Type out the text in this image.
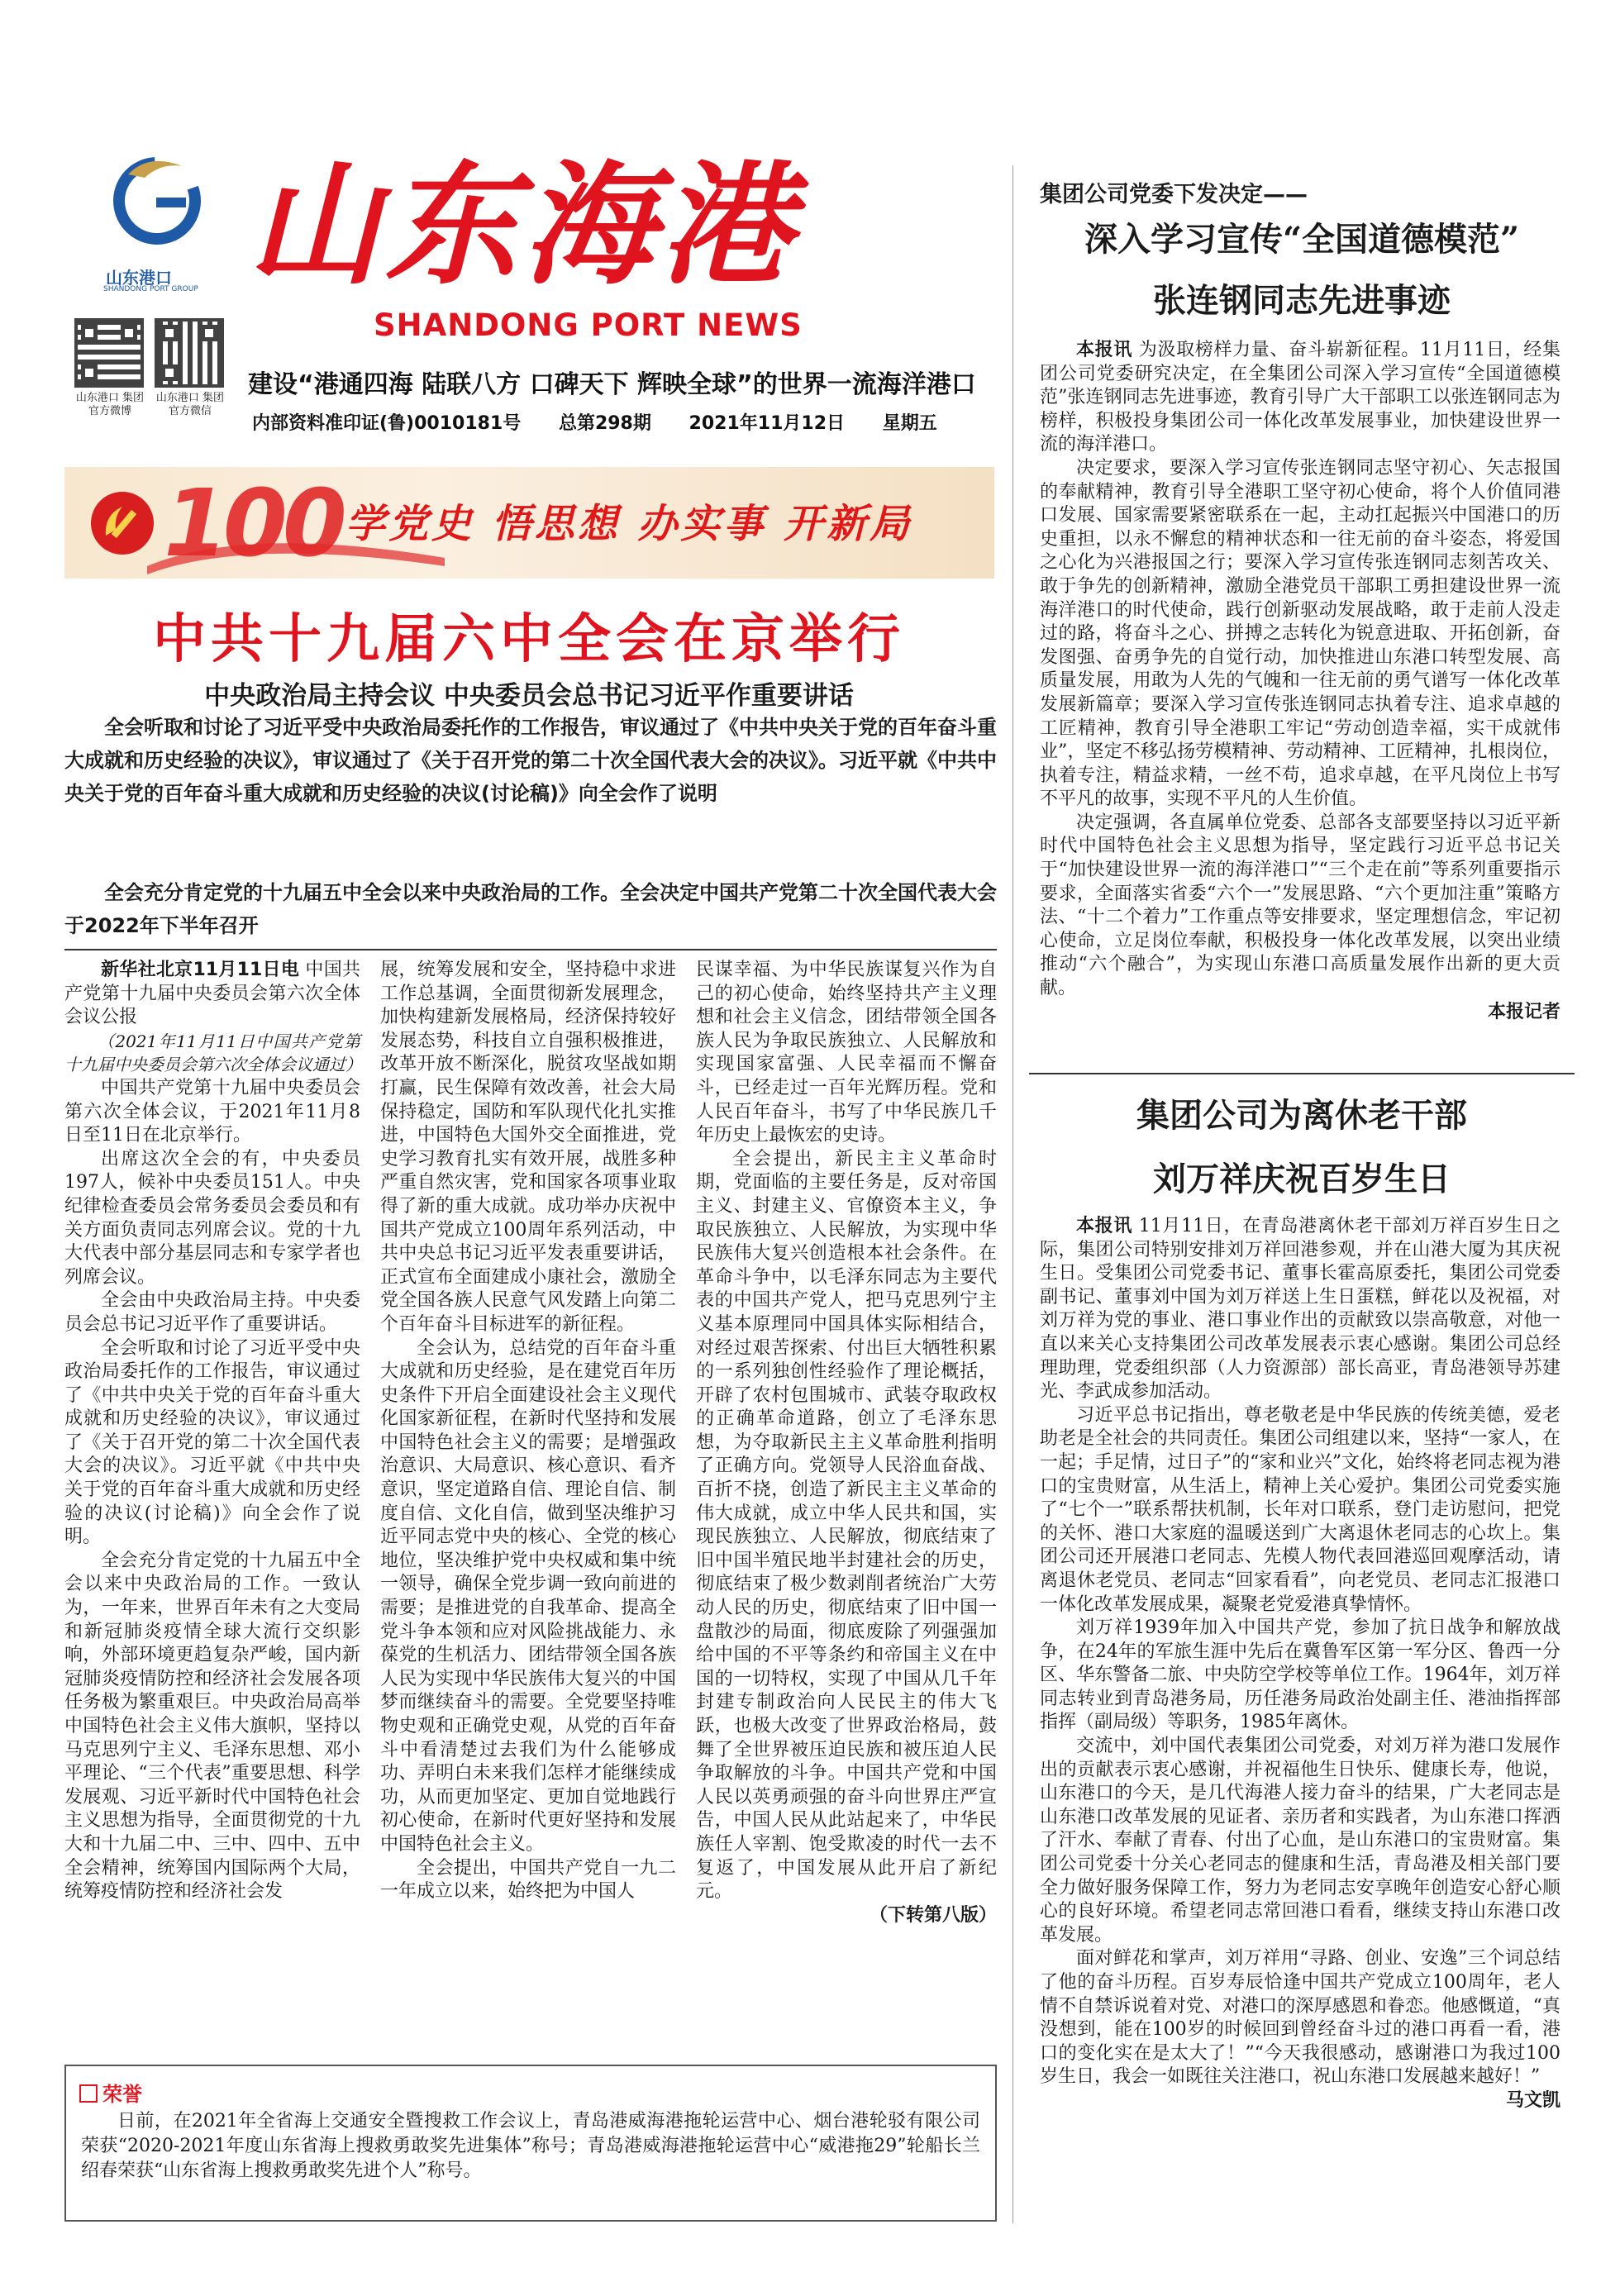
山东港口
SHANDONG PORT GROUP
山东港口 集团官方微博
山东港口 集团官方微信
山东海港
SHANDONG PORT NEWS
建设“港通四海 陆联八方 口碑天下 辉映全球”的世界一流海洋港口
内部资料准印证(鲁)0010181号 总第298期 2021年11月12日 星期五
100 学党史 悟思想 办实事 开新局
中共十九届六中全会在京举行
中央政治局主持会议 中央委员会总书记习近平作重要讲话

全会听取和讨论了习近平受中央政治局委托作的工作报告，审议通过了《中共中央关于党的百年奋斗重大成就和历史经验的决议》，审议通过了《关于召开党的第二十次全国代表大会的决议》。习近平就《中共中央关于党的百年奋斗重大成就和历史经验的决议(讨论稿)》向全会作了说明

全会充分肯定党的十九届五中全会以来中央政治局的工作。全会决定中国共产党第二十次全国代表大会于2022年下半年召开

新华社北京11月11日电 中国共产党第十九届中央委员会第六次全体会议公报

（2021年11月11日中国共产党第十九届中央委员会第六次全体会议通过）

中国共产党第十九届中央委员会第六次全体会议，于2021年11月8日至11日在北京举行。

出席这次全会的有，中央委员197人，候补中央委员151人。中央纪律检查委员会常务委员会委员和有关方面负责同志列席会议。党的十九大代表中部分基层同志和专家学者也列席会议。

全会由中央政治局主持。中央委员会总书记习近平作了重要讲话。

全会听取和讨论了习近平受中央政治局委托作的工作报告，审议通过了《中共中央关于党的百年奋斗重大成就和历史经验的决议》，审议通过了《关于召开党的第二十次全国代表大会的决议》。习近平就《中共中央关于党的百年奋斗重大成就和历史经验的决议(讨论稿)》向全会作了说明。

全会充分肯定党的十九届五中全会以来中央政治局的工作。一致认为，一年来，世界百年未有之大变局和新冠肺炎疫情全球大流行交织影响，外部环境更趋复杂严峻，国内新冠肺炎疫情防控和经济社会发展各项任务极为繁重艰巨。中央政治局高举中国特色社会主义伟大旗帜，坚持以马克思列宁主义、毛泽东思想、邓小平理论、“三个代表”重要思想、科学发展观、习近平新时代中国特色社会主义思想为指导，全面贯彻党的十九大和十九届二中、三中、四中、五中全会精神，统筹国内国际两个大局，统筹疫情防控和经济社会发

展，统筹发展和安全，坚持稳中求进工作总基调，全面贯彻新发展理念，加快构建新发展格局，经济保持较好发展态势，科技自立自强积极推进，改革开放不断深化，脱贫攻坚战如期打赢，民生保障有效改善，社会大局保持稳定，国防和军队现代化扎实推进，中国特色大国外交全面推进，党史学习教育扎实有效开展，战胜多种严重自然灾害，党和国家各项事业取得了新的重大成就。成功举办庆祝中国共产党成立100周年系列活动，中共中央总书记习近平发表重要讲话，正式宣布全面建成小康社会，激励全党全国各族人民意气风发踏上向第二个百年奋斗目标进军的新征程。

全会认为，总结党的百年奋斗重大成就和历史经验，是在建党百年历史条件下开启全面建设社会主义现代化国家新征程，在新时代坚持和发展中国特色社会主义的需要；是增强政治意识、大局意识、核心意识、看齐意识，坚定道路自信、理论自信、制度自信、文化自信，做到坚决维护习近平同志党中央的核心、全党的核心地位，坚决维护党中央权威和集中统一领导，确保全党步调一致向前进的需要；是推进党的自我革命、提高全党斗争本领和应对风险挑战能力、永葆党的生机活力、团结带领全国各族人民为实现中华民族伟大复兴的中国梦而继续奋斗的需要。全党要坚持唯物史观和正确党史观，从党的百年奋斗中看清楚过去我们为什么能够成功、弄明白未来我们怎样才能继续成功，从而更加坚定、更加自觉地践行初心使命，在新时代更好坚持和发展中国特色社会主义。

全会提出，中国共产党自一九二一年成立以来，始终把为中国人

民谋幸福、为中华民族谋复兴作为自己的初心使命，始终坚持共产主义理想和社会主义信念，团结带领全国各族人民为争取民族独立、人民解放和实现国家富强、人民幸福而不懈奋斗，已经走过一百年光辉历程。党和人民百年奋斗，书写了中华民族几千年历史上最恢宏的史诗。

全会提出，新民主主义革命时期，党面临的主要任务是，反对帝国主义、封建主义、官僚资本主义，争取民族独立、人民解放，为实现中华民族伟大复兴创造根本社会条件。在革命斗争中，以毛泽东同志为主要代表的中国共产党人，把马克思列宁主义基本原理同中国具体实际相结合，对经过艰苦探索、付出巨大牺牲积累的一系列独创性经验作了理论概括，开辟了农村包围城市、武装夺取政权的正确革命道路，创立了毛泽东思想，为夺取新民主主义革命胜利指明了正确方向。党领导人民浴血奋战、百折不挠，创造了新民主主义革命的伟大成就，成立中华人民共和国，实现民族独立、人民解放，彻底结束了旧中国半殖民地半封建社会的历史，彻底结束了极少数剥削者统治广大劳动人民的历史，彻底结束了旧中国一盘散沙的局面，彻底废除了列强强加给中国的不平等条约和帝国主义在中国的一切特权，实现了中国从几千年封建专制政治向人民民主的伟大飞跃，也极大改变了世界政治格局，鼓舞了全世界被压迫民族和被压迫人民争取解放的斗争。中国共产党和中国人民以英勇顽强的奋斗向世界庄严宣告，中国人民从此站起来了，中华民族任人宰割、饱受欺凌的时代一去不复返了，中国发展从此开启了新纪元。

（下转第八版）

荣誉

日前，在2021年全省海上交通安全暨搜救工作会议上，青岛港威海港拖轮运营中心、烟台港轮驳有限公司荣获“2020-2021年度山东省海上搜救勇敢奖先进集体”称号；青岛港威海港拖轮运营中心“威港拖29”轮船长兰绍春荣获“山东省海上搜救勇敢奖先进个人”称号。

集团公司党委下发决定——
深入学习宣传“全国道德模范”
张连钢同志先进事迹

本报讯 为汲取榜样力量、奋斗崭新征程。11月11日，经集团公司党委研究决定，在全集团公司深入学习宣传“全国道德模范”张连钢同志先进事迹，教育引导广大干部职工以张连钢同志为榜样，积极投身集团公司一体化改革发展事业，加快建设世界一流的海洋港口。

决定要求，要深入学习宣传张连钢同志坚守初心、矢志报国的奉献精神，教育引导全港职工坚守初心使命，将个人价值同港口发展、国家需要紧密联系在一起，主动扛起振兴中国港口的历史重担，以永不懈怠的精神状态和一往无前的奋斗姿态，将爱国之心化为兴港报国之行；要深入学习宣传张连钢同志刻苦攻关、敢于争先的创新精神，激励全港党员干部职工勇担建设世界一流海洋港口的时代使命，践行创新驱动发展战略，敢于走前人没走过的路，将奋斗之心、拼搏之志转化为锐意进取、开拓创新，奋发图强、奋勇争先的自觉行动，加快推进山东港口转型发展、高质量发展，用敢为人先的气魄和一往无前的勇气谱写一体化改革发展新篇章；要深入学习宣传张连钢同志执着专注、追求卓越的工匠精神，教育引导全港职工牢记“劳动创造幸福，实干成就伟业”，坚定不移弘扬劳模精神、劳动精神、工匠精神，扎根岗位，执着专注，精益求精，一丝不苟，追求卓越，在平凡岗位上书写不平凡的故事，实现不平凡的人生价值。

决定强调，各直属单位党委、总部各支部要坚持以习近平新时代中国特色社会主义思想为指导，坚定践行习近平总书记关于“加快建设世界一流的海洋港口”“三个走在前”等系列重要指示要求，全面落实省委“六个一”发展思路、“六个更加注重”策略方法、“十二个着力”工作重点等安排要求，坚定理想信念，牢记初心使命，立足岗位奉献，积极投身一体化改革发展，以突出业绩推动“六个融合”，为实现山东港口高质量发展作出新的更大贡献。

本报记者

集团公司为离休老干部
刘万祥庆祝百岁生日

本报讯 11月11日，在青岛港离休老干部刘万祥百岁生日之际，集团公司特别安排刘万祥回港参观，并在山港大厦为其庆祝生日。受集团公司党委书记、董事长霍高原委托，集团公司党委副书记、董事刘中国为刘万祥送上生日蛋糕，鲜花以及祝福，对刘万祥为党的事业、港口事业作出的贡献致以崇高敬意，对他一直以来关心支持集团公司改革发展表示衷心感谢。集团公司总经理助理，党委组织部（人力资源部）部长高亚，青岛港领导苏建光、李武成参加活动。

习近平总书记指出，尊老敬老是中华民族的传统美德，爱老助老是全社会的共同责任。集团公司组建以来，坚持“一家人，在一起；手足情，过日子”的“家和业兴”文化，始终将老同志视为港口的宝贵财富，从生活上，精神上关心爱护。集团公司党委实施了“七个一”联系帮扶机制，长年对口联系，登门走访慰问，把党的关怀、港口大家庭的温暖送到广大离退休老同志的心坎上。集团公司还开展港口老同志、先模人物代表回港巡回观摩活动，请离退休老党员、老同志“回家看看”，向老党员、老同志汇报港口一体化改革发展成果，凝聚老党爱港真挚情怀。

刘万祥1939年加入中国共产党，参加了抗日战争和解放战争，在24年的军旅生涯中先后在冀鲁军区第一军分区、鲁西一分区、华东警备二旅、中央防空学校等单位工作。1964年，刘万祥同志转业到青岛港务局，历任港务局政治处副主任、港油指挥部指挥（副局级）等职务，1985年离休。

交流中，刘中国代表集团公司党委，对刘万祥为港口发展作出的贡献表示衷心感谢，并祝福他生日快乐、健康长寿，他说，山东港口的今天，是几代海港人接力奋斗的结果，广大老同志是山东港口改革发展的见证者、亲历者和实践者，为山东港口挥洒了汗水、奉献了青春、付出了心血，是山东港口的宝贵财富。集团公司党委十分关心老同志的健康和生活，青岛港及相关部门要全力做好服务保障工作，努力为老同志安享晚年创造安心舒心顺心的良好环境。希望老同志常回港口看看，继续支持山东港口改革发展。

面对鲜花和掌声，刘万祥用“寻路、创业、安逸”三个词总结了他的奋斗历程。百岁寿辰恰逢中国共产党成立100周年，老人情不自禁诉说着对党、对港口的深厚感恩和眷恋。他感慨道，“真没想到，能在100岁的时候回到曾经奋斗过的港口再看一看，港口的变化实在是太大了！”“今天我很感动，感谢港口为我过100岁生日，我会一如既往关注港口，祝山东港口发展越来越好！”

马文凯
